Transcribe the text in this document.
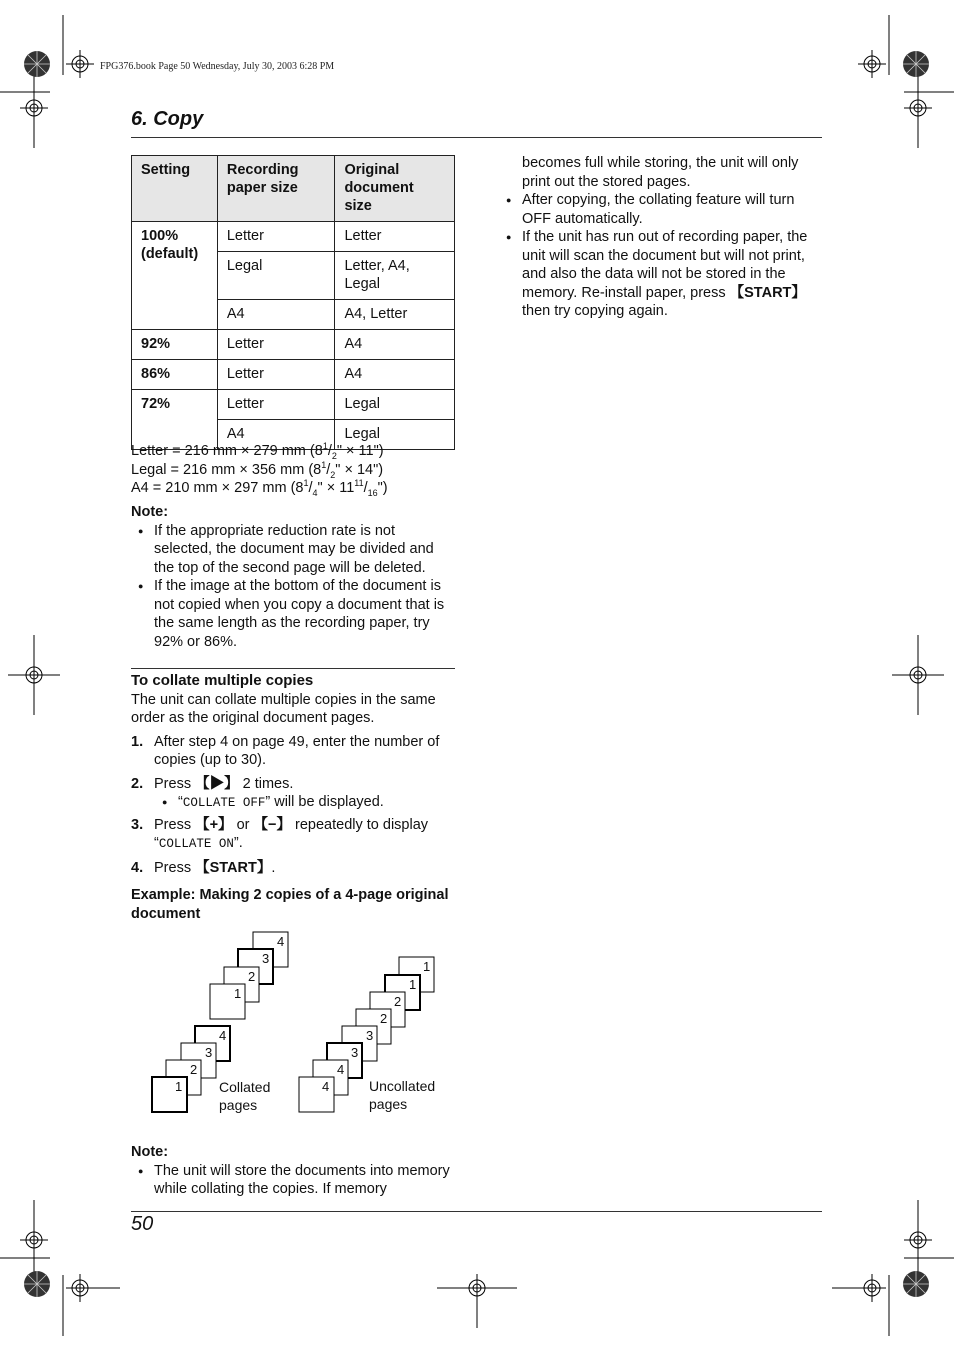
FPG376.book Page 50 Wednesday, July 30, 2003 6:28 PM
6. Copy
Setting	Recording paper size	Original document size
100% (default)	Letter	Letter
	Legal	Letter, A4, Legal
	A4	A4, Letter
92%	Letter	A4
86%	Letter	A4
72%	Letter	Legal
	A4	Legal
Letter = 216 mm × 279 mm ($8^1/_2$" × 11")
Legal = 216 mm × 356 mm ($8^1/_2$" × 14")
A4 = 210 mm × 297 mm ($8^1/_4$" × $11^{11}/_{16}$")
Note:
● If the appropriate reduction rate is not selected, the document may be divided and the top of the second page will be deleted.
● If the image at the bottom of the document is not copied when you copy a document that is the same length as the recording paper, try 92% or 86%.
To collate multiple copies
The unit can collate multiple copies in the same order as the original document pages.
1. After step 4 on page 49, enter the number of copies (up to 30).
2. Press 【▶】 2 times.
● “COLLATE OFF” will be displayed.
3. Press 【+】 or 【−】 repeatedly to display
“COLLATE ON”.
4. Press 【START】.
Example: Making 2 copies of a 4-page original document
4
3
2
1
4
3
2
1
1
1
2
2
3
3
4
4
Collated
pages
Uncollated
pages
Note:
● The unit will store the documents into memory while collating the copies. If memory
becomes full while storing, the unit will only print out the stored pages.
● After copying, the collating feature will turn OFF automatically.
● If the unit has run out of recording paper, the unit will scan the document but will not print, and also the data will not be stored in the memory. Re-install paper, press 【START】 then try copying again.
50
